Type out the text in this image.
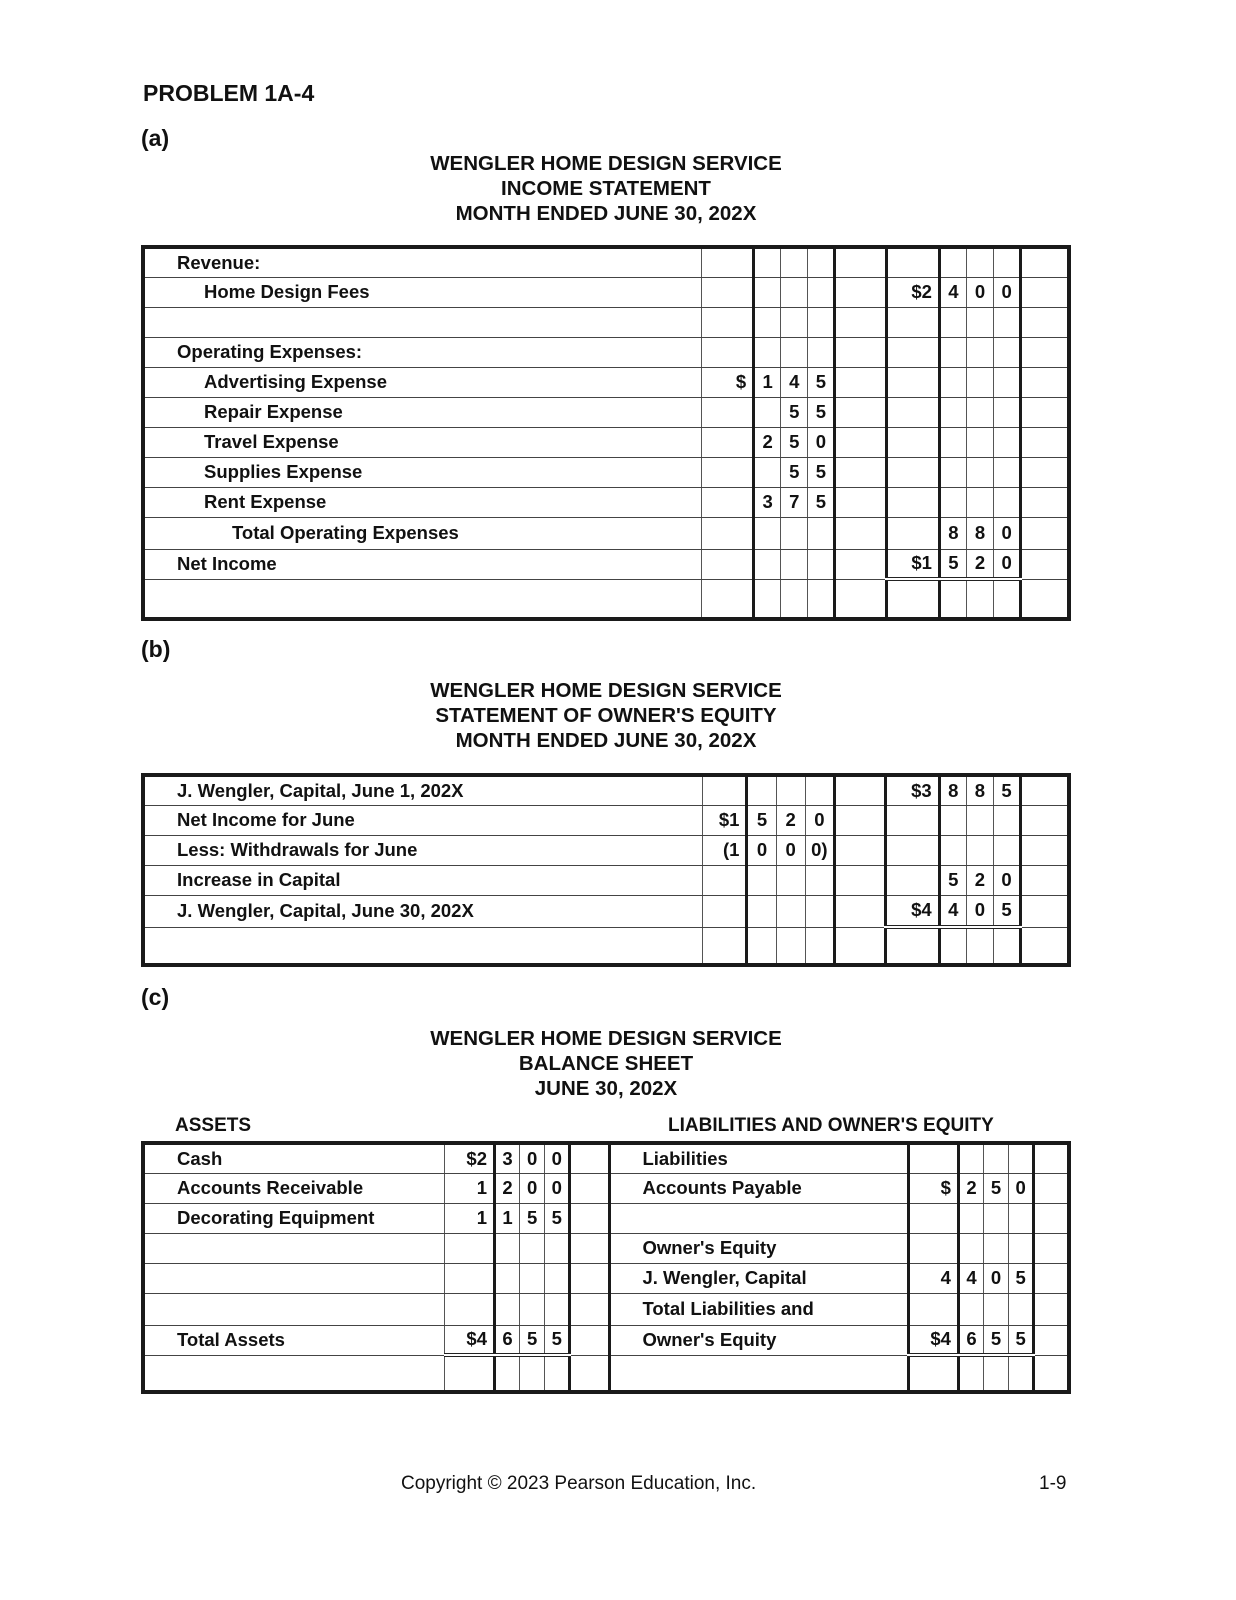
PROBLEM 1A-4
(a)
WENGLER HOME DESIGN SERVICE
INCOME STATEMENT
MONTH ENDED JUNE 30, 202X
Revenue:										
Home Design Fees						$2	4	0	0	

Operating Expenses:										
Advertising Expense	$	1	4	5						
Repair Expense			5	5						
Travel Expense		2	5	0						
Supplies Expense			5	5						
Rent Expense		3	7	5						
Total Operating Expenses							8	8	0	
Net Income						$1	5	2	0	

(b)
WENGLER HOME DESIGN SERVICE
STATEMENT OF OWNER'S EQUITY
MONTH ENDED JUNE 30, 202X
J. Wengler, Capital, June 1, 202X						$3	8	8	5	
Net Income for June	$1	5	2	0						
Less: Withdrawals for June	(1	0	0	0)						
Increase in Capital							5	2	0	
J. Wengler, Capital, June 30, 202X						$4	4	0	5	

(c)
WENGLER HOME DESIGN SERVICE
BALANCE SHEET
JUNE 30, 202X
ASSETS	LIABILITIES AND OWNER'S EQUITY
Cash	$2	3	0	0		Liabilities					
Accounts Receivable	1	2	0	0		Accounts Payable	$	2	5	0	
Decorating Equipment	1	1	5	5							
						Owner's Equity					
						J. Wengler, Capital	4	4	0	5	
						Total Liabilities and					
Total Assets	$4	6	5	5		Owner's Equity	$4	6	5	5	

Copyright © 2023 Pearson Education, Inc.	1-9
